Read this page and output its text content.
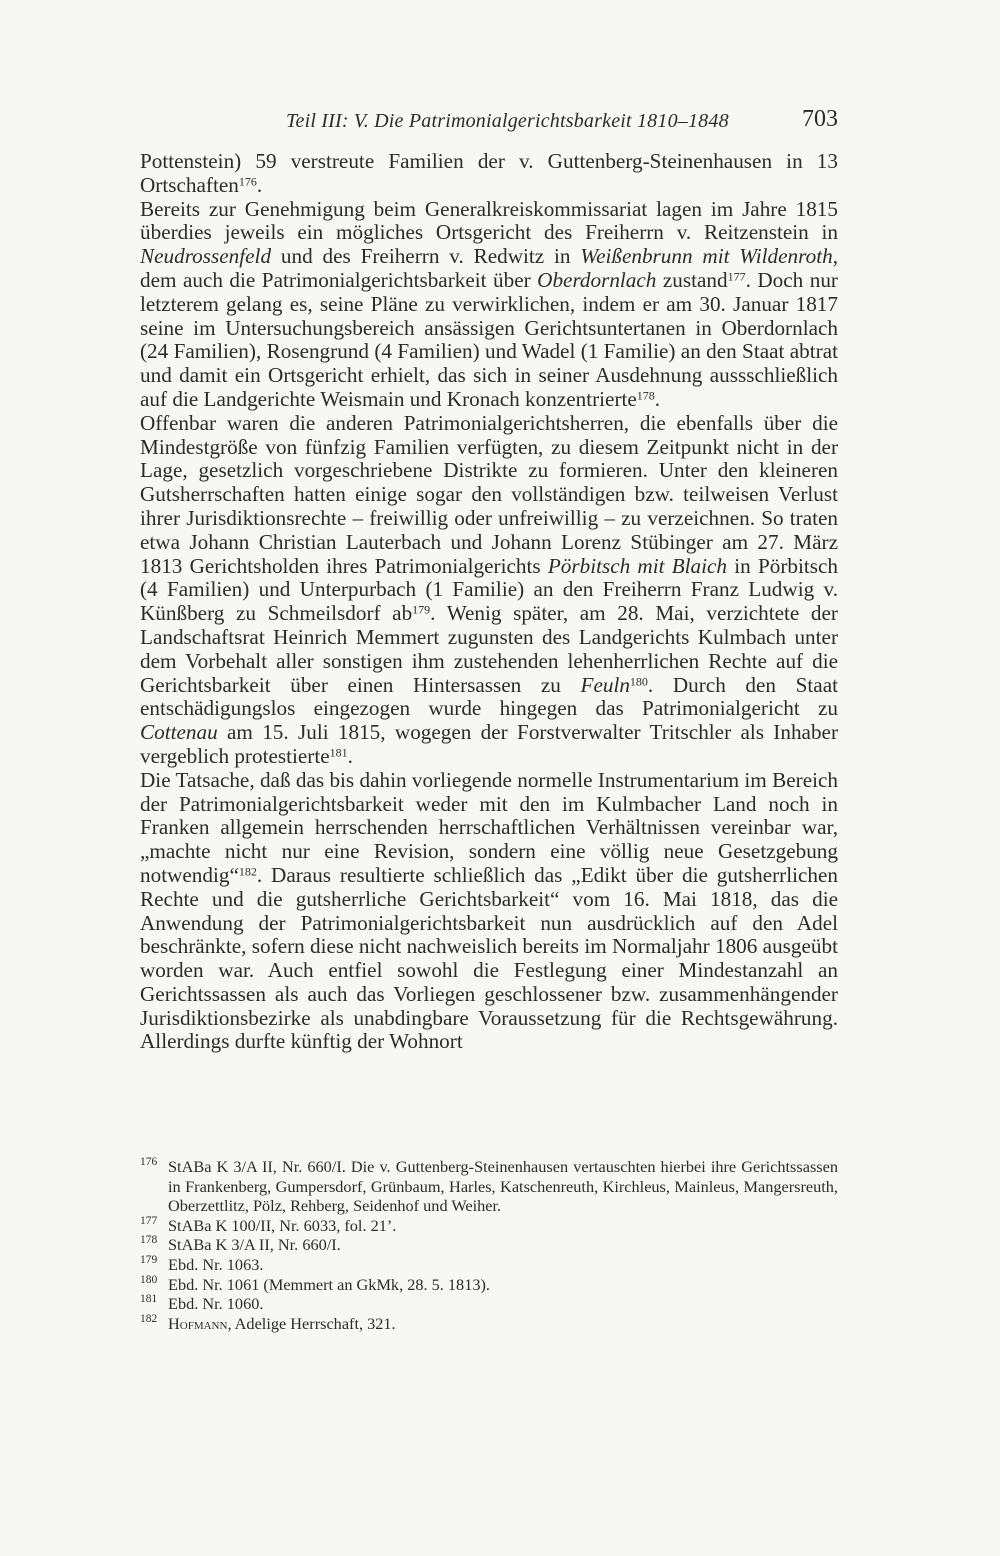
Teil III: V. Die Patrimonialgerichtsbarkeit 1810–1848	703

Pottenstein) 59 verstreute Familien der v. Guttenberg-Steinenhausen in 13 Ortschaften$^{176}$.

Bereits zur Genehmigung beim Generalkreiskommissariat lagen im Jahre 1815 überdies jeweils ein mögliches Ortsgericht des Freiherrn v. Reitzenstein in Neudrossenfeld und des Freiherrn v. Redwitz in Weißenbrunn mit Wildenroth, dem auch die Patrimonialgerichtsbarkeit über Oberdornlach zustand$^{177}$. Doch nur letzterem gelang es, seine Pläne zu verwirklichen, indem er am 30. Januar 1817 seine im Untersuchungsbereich ansässigen Gerichtsuntertanen in Oberdornlach (24 Familien), Rosengrund (4 Familien) und Wadel (1 Familie) an den Staat abtrat und damit ein Ortsgericht erhielt, das sich in seiner Ausdehnung aussschließlich auf die Landgerichte Weismain und Kronach konzentrierte$^{178}$.

Offenbar waren die anderen Patrimonialgerichtsherren, die ebenfalls über die Mindestgröße von fünfzig Familien verfügten, zu diesem Zeitpunkt nicht in der Lage, gesetzlich vorgeschriebene Distrikte zu formieren. Unter den kleineren Gutsherrschaften hatten einige sogar den vollständigen bzw. teilweisen Verlust ihrer Jurisdiktionsrechte – freiwillig oder unfreiwillig – zu verzeichnen. So traten etwa Johann Christian Lauterbach und Johann Lorenz Stübinger am 27. März 1813 Gerichtsholden ihres Patrimonialgerichts Pörbitsch mit Blaich in Pörbitsch (4 Familien) und Unterpurbach (1 Familie) an den Freiherrn Franz Ludwig v. Künßberg zu Schmeilsdorf $ab^{179}$. Wenig später, am 28. Mai, verzichtete der Landschaftsrat Heinrich Memmert zugunsten des Landgerichts Kulmbach unter dem Vorbehalt aller sonstigen ihm zustehenden lehenherrlichen Rechte auf die Gerichtsbarkeit über einen Hintersassen zu Feuln$^{180}$. Durch den Staat entschädigungslos eingezogen wurde hingegen das Patrimonialgericht zu Cottenau am 15. Juli 1815, wogegen der Forstverwalter Tritschler als Inhaber vergeblich protestierte$^{181}$.

Die Tatsache, daß das bis dahin vorliegende normelle Instrumentarium im Bereich der Patrimonialgerichtsbarkeit weder mit den im Kulmbacher Land noch in Franken allgemein herrschenden herrschaftlichen Verhältnissen vereinbar war, „machte nicht nur eine Revision, sondern eine völlig neue Gesetzgebung notwendig“$^{182}$. Daraus resultierte schließlich das „Edikt über die gutsherrlichen Rechte und die gutsherrliche Gerichtsbarkeit“ vom 16. Mai 1818, das die Anwendung der Patrimonialgerichtsbarkeit nun ausdrücklich auf den Adel beschränkte, sofern diese nicht nachweislich bereits im Normaljahr 1806 ausgeübt worden war. Auch entfiel sowohl die Festlegung einer Mindestanzahl an Gerichtssassen als auch das Vorliegen geschlossener bzw. zusammenhängender Jurisdiktionsbezirke als unabdingbare Voraussetzung für die Rechtsgewährung. Allerdings durfte künftig der Wohnort

176 StABa K 3/A II, Nr. 660/I. Die v. Guttenberg-Steinenhausen vertauschten hierbei ihre Gerichtssassen in Frankenberg, Gumpersdorf, Grünbaum, Harles, Katschenreuth, Kirchleus, Mainleus, Mangersreuth, Oberzettlitz, Pölz, Rehberg, Seidenhof und Weiher.
177 StABa K 100/II, Nr. 6033, fol. 21’.
178 StABa K 3/A II, Nr. 660/I.
179 Ebd. Nr. 1063.
180 Ebd. Nr. 1061 (Memmert an GkMk, 28. 5. 1813).
181 Ebd. Nr. 1060.
182 Hofmann, Adelige Herrschaft, 321.
